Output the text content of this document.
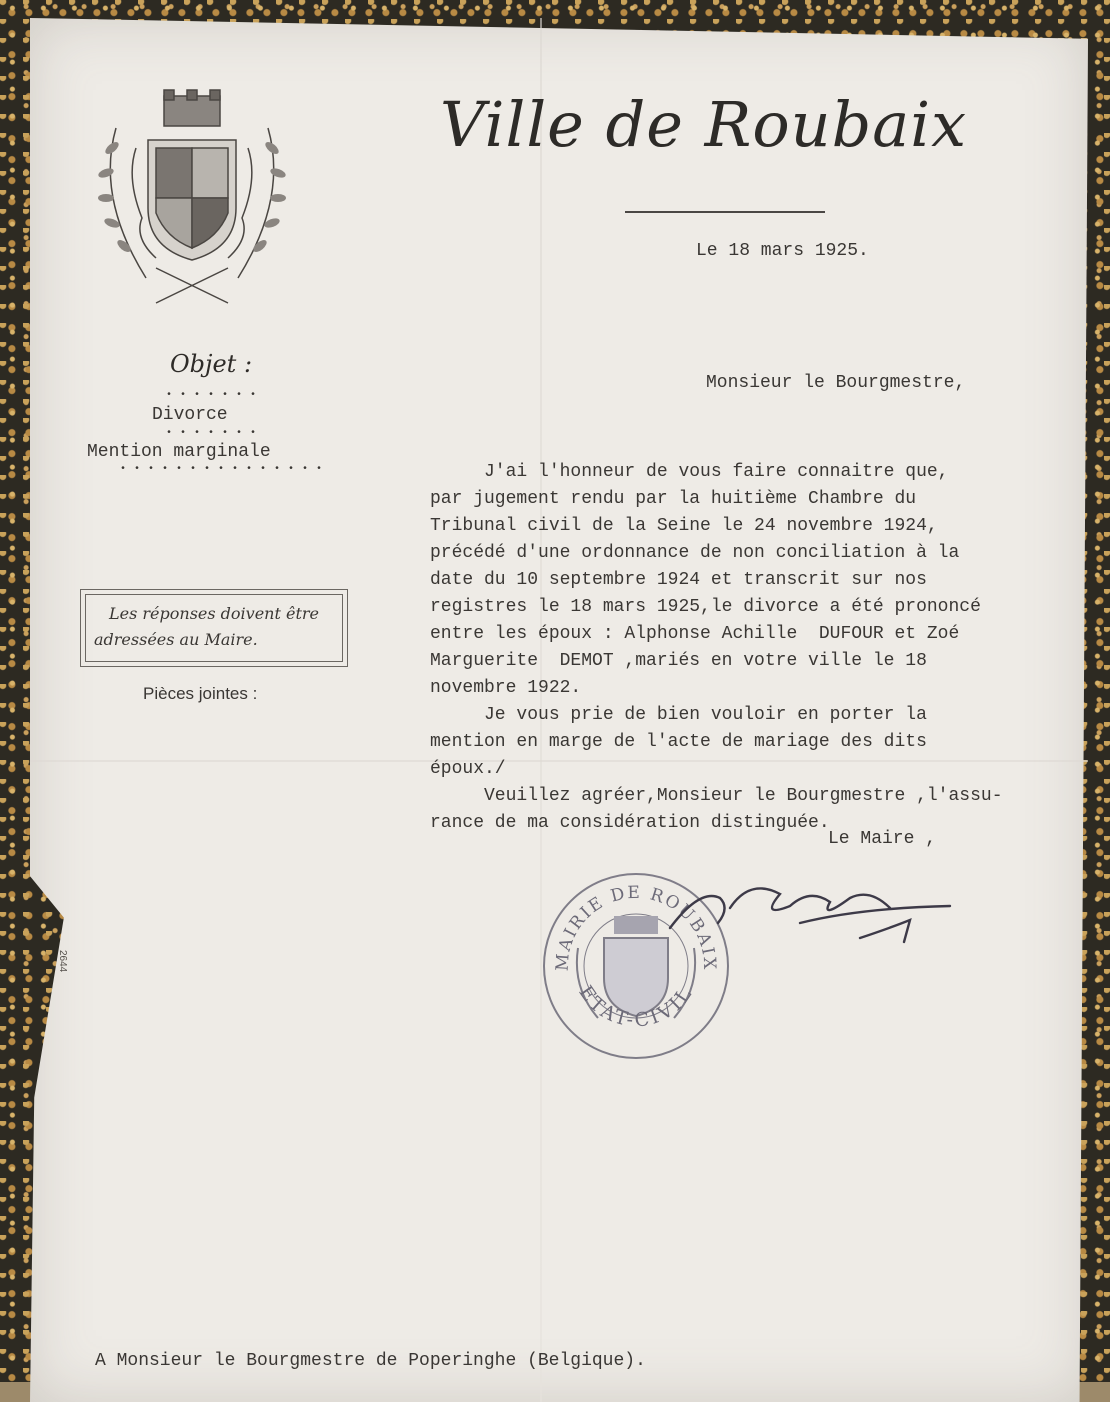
Ville de Roubaix
Le 18 mars 1925.
Objet :
• • • • • • •
Divorce
• • • • • • •
Mention marginale
• • • • • • • • • • • • • • •
Les réponses doivent être
adressées au Maire.
Pièces jointes :
2644
Monsieur le Bourgmestre,
J'ai l'honneur de vous faire connaitre que,
par jugement rendu par la huitième Chambre du
Tribunal civil de la Seine le 24 novembre 1924,
précédé d'une ordonnance de non conciliation à la
date du 10 septembre 1924 et transcrit sur nos
registres le 18 mars 1925,le divorce a été prononcé
entre les époux : Alphonse Achille  DUFOUR et Zoé
Marguerite  DEMOT ,mariés en votre ville le 18
novembre 1922.
Je vous prie de bien vouloir en porter la
mention en marge de l'acte de mariage des dits
époux./
Veuillez agréer,Monsieur le Bourgmestre ,l'assu-
rance de ma considération distinguée.
Le Maire ,
MAIRIE DE ROUBAIX
ETAT-CIVIL
A Monsieur le Bourgmestre de Poperinghe (Belgique).
